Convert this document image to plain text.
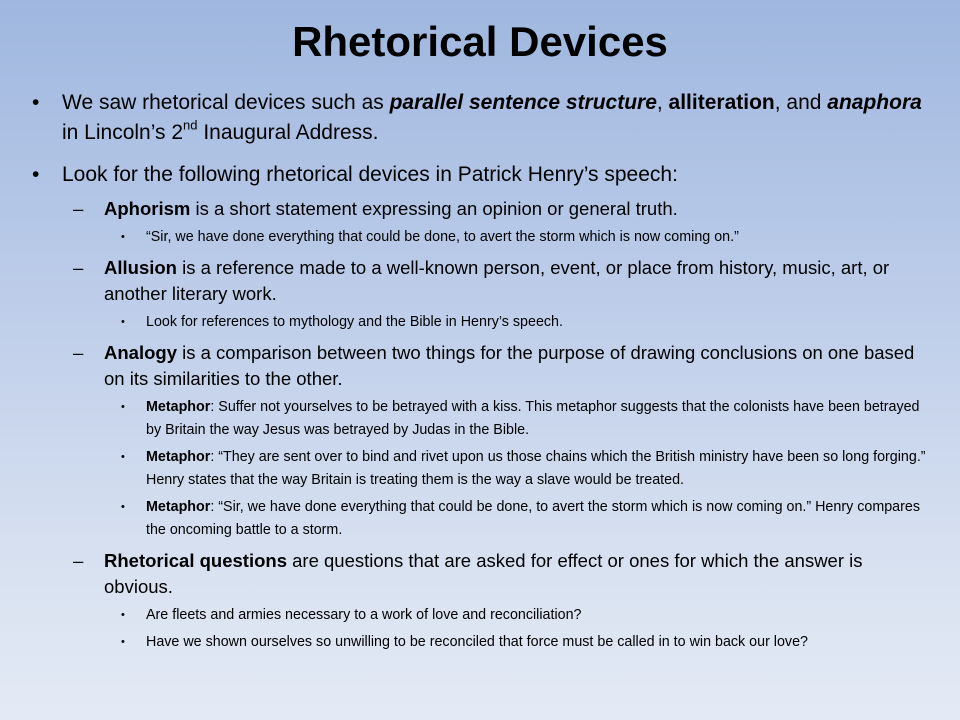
Rhetorical Devices
• We saw rhetorical devices such as parallel sentence structure, alliteration, and anaphora in Lincoln’s 2nd Inaugural Address.
• Look for the following rhetorical devices in Patrick Henry’s speech:
– Aphorism is a short statement expressing an opinion or general truth.
• “Sir, we have done everything that could be done, to avert the storm which is now coming on.”
– Allusion is a reference made to a well-known person, event, or place from history, music, art, or another literary work.
• Look for references to mythology and the Bible in Henry’s speech.
– Analogy is a comparison between two things for the purpose of drawing conclusions on one based on its similarities to the other.
• Metaphor: Suffer not yourselves to be betrayed with a kiss. This metaphor suggests that the colonists have been betrayed by Britain the way Jesus was betrayed by Judas in the Bible.
• Metaphor: “They are sent over to bind and rivet upon us those chains which the British ministry have been so long forging.” Henry states that the way Britain is treating them is the way a slave would be treated.
• Metaphor: “Sir, we have done everything that could be done, to avert the storm which is now coming on.” Henry compares the oncoming battle to a storm.
– Rhetorical questions are questions that are asked for effect or ones for which the answer is obvious.
• Are fleets and armies necessary to a work of love and reconciliation?
• Have we shown ourselves so unwilling to be reconciled that force must be called in to win back our love?
